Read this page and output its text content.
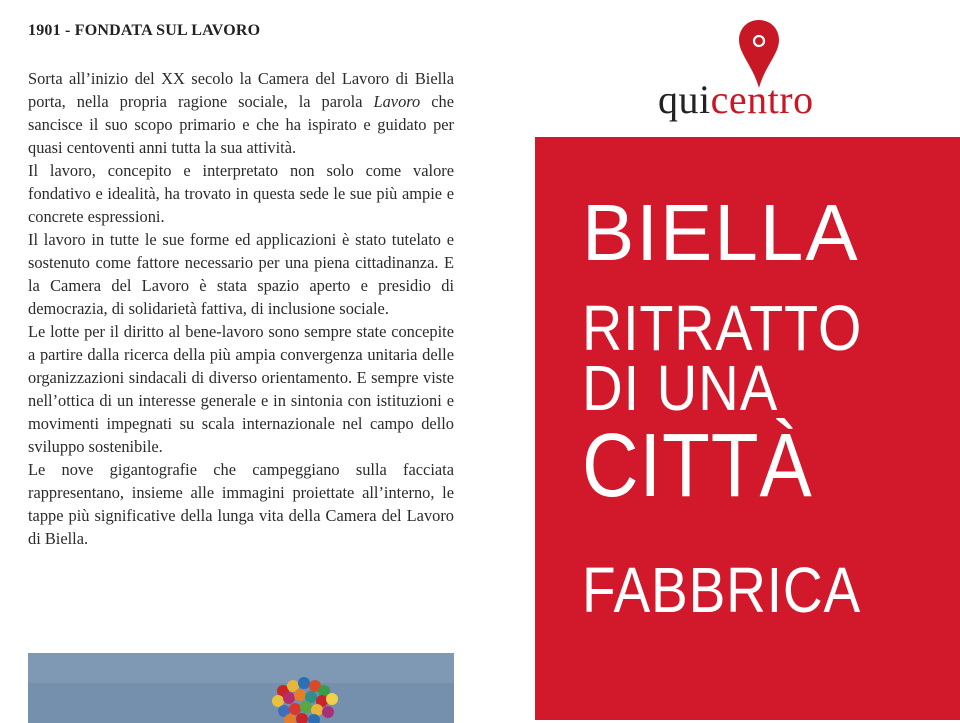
1901 - FONDATA SUL LAVORO

Sorta all’inizio del XX secolo la Camera del Lavoro di Biella porta, nella propria ragione sociale, la parola Lavoro che sancisce il suo scopo primario e che ha ispirato e guidato per quasi centoventi anni tutta la sua attività.

Il lavoro, concepito e interpretato non solo come valore fondativo e idealità, ha trovato in questa sede le sue più ampie e concrete espressioni.

Il lavoro in tutte le sue forme ed applicazioni è stato tutelato e sostenuto come fattore necessario per una piena cittadinanza. E la Camera del Lavoro è stata spazio aperto e presidio di democrazia, di solidarietà fattiva, di inclusione sociale.

Le lotte per il diritto al bene-lavoro sono sempre state concepite a partire dalla ricerca della più ampia convergenza unitaria delle organizzazioni sindacali di diverso orientamento. E sempre viste nell’ottica di un interesse generale e in sintonia con istituzioni e movimenti impegnati su scala internazionale nel campo dello sviluppo sostenibile.

Le nove gigantografie che campeggiano sulla facciata rappresentano, insieme alle immagini proiettate all’interno, le tappe più significative della lunga vita della Camera del Lavoro di Biella.

quicentro
BIELLA
RITRATTO
DI UNA
CITTÀ
FABBRICA
